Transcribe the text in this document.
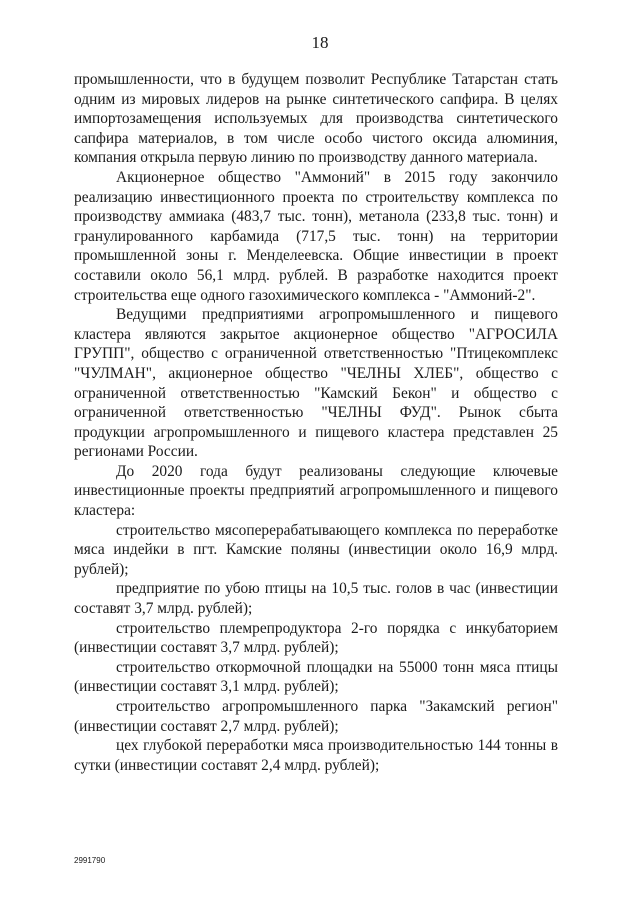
18

промышленности, что в будущем позволит Республике Татарстан стать одним из мировых лидеров на рынке синтетического сапфира. В целях импортозамещения используемых для производства синтетического сапфира материалов, в том числе особо чистого оксида алюминия, компания открыла первую линию по производству данного материала.

Акционерное общество "Аммоний" в 2015 году закончило реализацию инвестиционного проекта по строительству комплекса по производству аммиака (483,7 тыс. тонн), метанола (233,8 тыс. тонн) и гранулированного карбамида (717,5 тыс. тонн) на территории промышленной зоны г. Менделеевска. Общие инвестиции в проект составили около 56,1 млрд. рублей. В разработке находится проект строительства еще одного газохимического комплекса - "Аммоний-2".

Ведущими предприятиями агропромышленного и пищевого кластера являются закрытое акционерное общество "АГРОСИЛА ГРУПП", общество с ограниченной ответственностью "Птицекомплекс "ЧУЛМАН", акционерное общество "ЧЕЛНЫ ХЛЕБ", общество с ограниченной ответственностью "Камский Бекон" и общество с ограниченной ответственностью "ЧЕЛНЫ ФУД". Рынок сбыта продукции агропромышленного и пищевого кластера представлен 25 регионами России.

До 2020 года будут реализованы следующие ключевые инвестиционные проекты предприятий агропромышленного и пищевого кластера:

строительство мясоперерабатывающего комплекса по переработке мяса индейки в пгт. Камские поляны (инвестиции около 16,9 млрд. рублей);

предприятие по убою птицы на 10,5 тыс. голов в час (инвестиции составят 3,7 млрд. рублей);

строительство племрепродуктора 2-го порядка с инкубаторием (инвестиции составят 3,7 млрд. рублей);

строительство откормочной площадки на 55000 тонн мяса птицы (инвестиции составят 3,1 млрд. рублей);

строительство агропромышленного парка "Закамский регион" (инвестиции составят 2,7 млрд. рублей);

цех глубокой переработки мяса производительностью 144 тонны в сутки (инвестиции составят 2,4 млрд. рублей);

2991790
